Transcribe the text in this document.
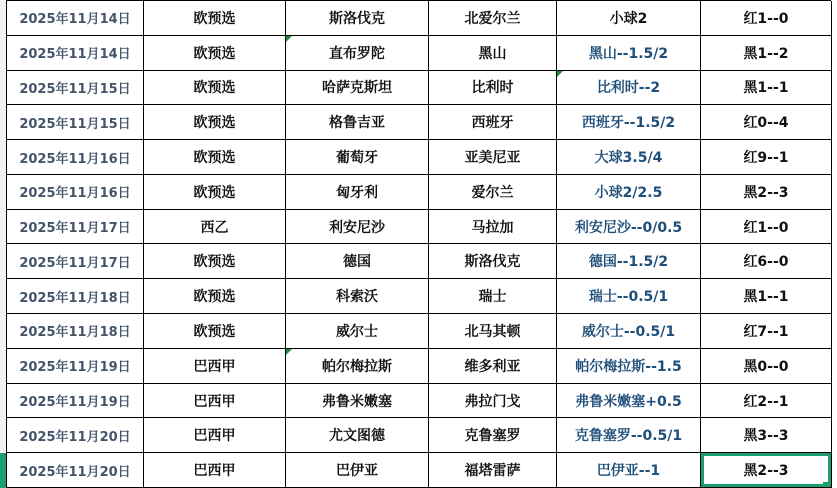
2025年11月14日	欧预选	斯洛伐克	北爱尔兰	小球2	红1--0
2025年11月14日	欧预选	直布罗陀	黑山	黑山--1.5/2	黑1--2
2025年11月15日	欧预选	哈萨克斯坦	比利时	比利时--2	黑1--1
2025年11月15日	欧预选	格鲁吉亚	西班牙	西班牙--1.5/2	红0--4
2025年11月16日	欧预选	葡萄牙	亚美尼亚	大球3.5/4	红9--1
2025年11月16日	欧预选	匈牙利	爱尔兰	小球2/2.5	黑2--3
2025年11月17日	西乙	利安尼沙	马拉加	利安尼沙--0/0.5	红1--0
2025年11月17日	欧预选	德国	斯洛伐克	德国--1.5/2	红6--0
2025年11月18日	欧预选	科索沃	瑞士	瑞士--0.5/1	黑1--1
2025年11月18日	欧预选	威尔士	北马其顿	威尔士--0.5/1	红7--1
2025年11月19日	巴西甲	帕尔梅拉斯	维多利亚	帕尔梅拉斯--1.5	黑0--0
2025年11月19日	巴西甲	弗鲁米嫩塞	弗拉门戈	弗鲁米嫩塞+0.5	红2--1
2025年11月20日	巴西甲	尤文图德	克鲁塞罗	克鲁塞罗--0.5/1	黑3--3
2025年11月20日	巴西甲	巴伊亚	福塔雷萨	巴伊亚--1	黑2--3
